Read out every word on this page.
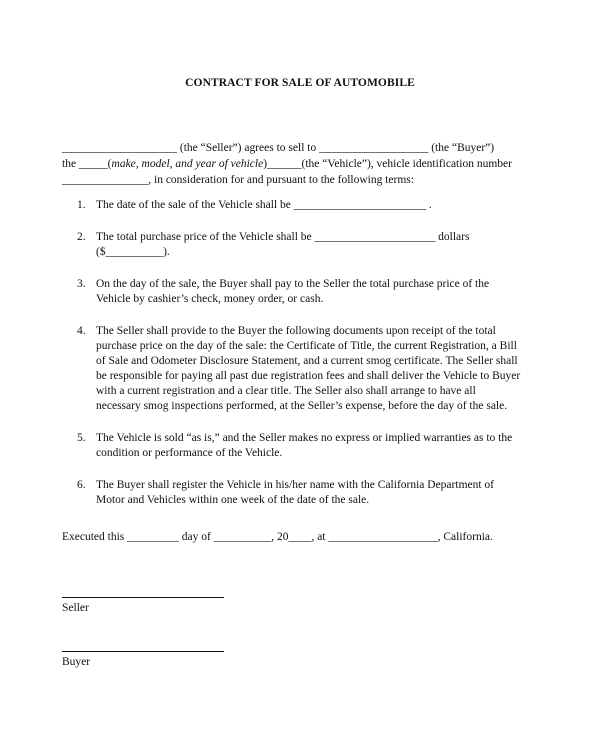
CONTRACT FOR SALE OF AUTOMOBILE
____________________ (the “Seller”) agrees to sell to ___________________ (the “Buyer”)
the _____(make, model, and year of vehicle)______(the “Vehicle”), vehicle identification number
_______________, in consideration for and pursuant to the following terms:
1. The date of the sale of the Vehicle shall be _______________________ .
2. The total purchase price of the Vehicle shall be _____________________ dollars ($__________).
3. On the day of the sale, the Buyer shall pay to the Seller the total purchase price of the Vehicle by cashier’s check, money order, or cash.
4. The Seller shall provide to the Buyer the following documents upon receipt of the total purchase price on the day of the sale: the Certificate of Title, the current Registration, a Bill of Sale and Odometer Disclosure Statement, and a current smog certificate. The Seller shall be responsible for paying all past due registration fees and shall deliver the Vehicle to Buyer with a current registration and a clear title. The Seller also shall arrange to have all necessary smog inspections performed, at the Seller’s expense, before the day of the sale.
5. The Vehicle is sold “as is,” and the Seller makes no express or implied warranties as to the condition or performance of the Vehicle.
6. The Buyer shall register the Vehicle in his/her name with the California Department of Motor and Vehicles within one week of the date of the sale.
Executed this _________ day of __________, 20____, at ___________________, California.
Seller
Buyer
